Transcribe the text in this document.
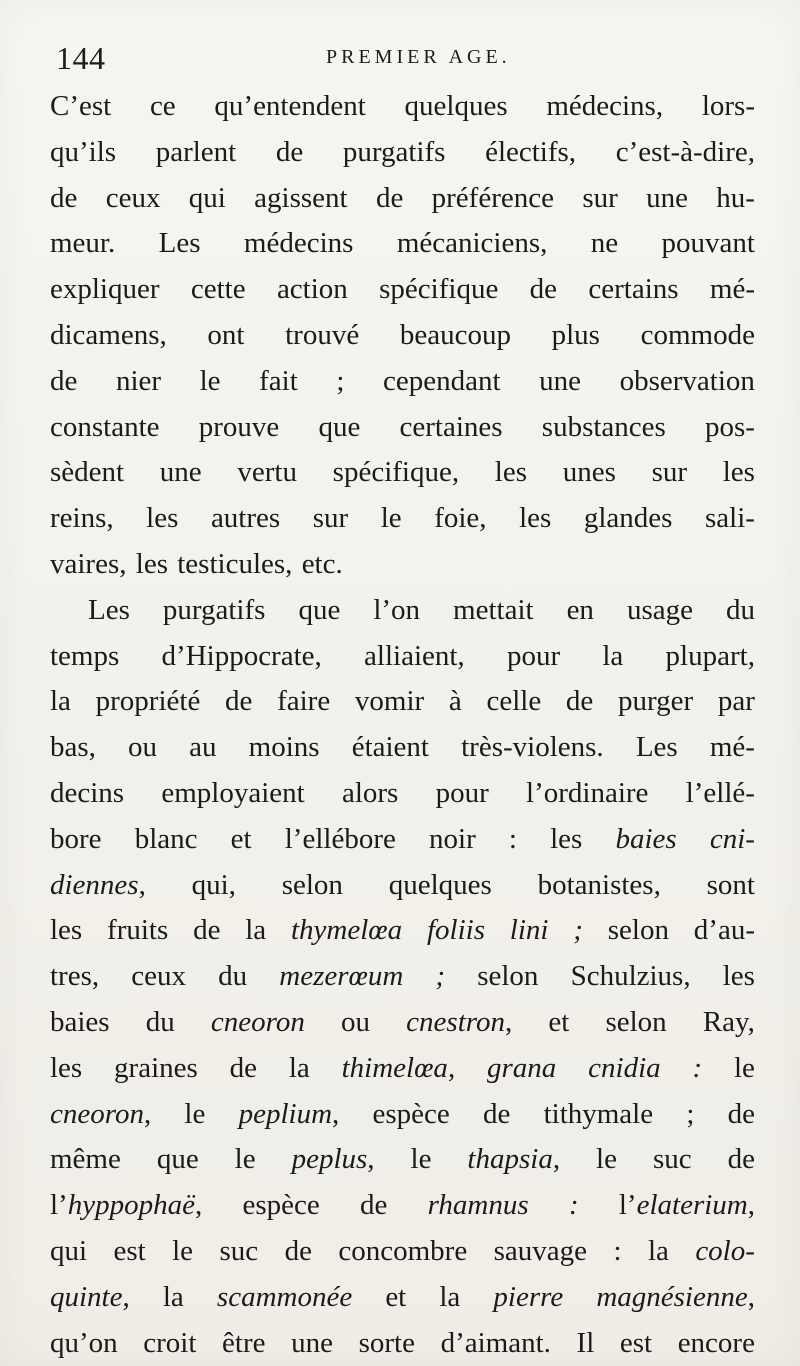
144	PREMIER AGE.
C’est ce qu’entendent quelques médecins, lors-
qu’ils parlent de purgatifs électifs, c’est-à-dire,
de ceux qui agissent de préférence sur une hu-
meur. Les médecins mécaniciens, ne pouvant
expliquer cette action spécifique de certains mé-
dicamens, ont trouvé beaucoup plus commode
de nier le fait ; cependant une observation
constante prouve que certaines substances pos-
sèdent une vertu spécifique, les unes sur les
reins, les autres sur le foie, les glandes sali-
vaires, les testicules, etc.
Les purgatifs que l’on mettait en usage du
temps d’Hippocrate, alliaient, pour la plupart,
la propriété de faire vomir à celle de purger par
bas, ou au moins étaient très-violens. Les mé-
decins employaient alors pour l’ordinaire l’ellé-
bore blanc et l’ellébore noir : les baies cni-
diennes, qui, selon quelques botanistes, sont
les fruits de la thymelœa foliis lini ; selon d’au-
tres, ceux du mezerœum ; selon Schulzius, les
baies du cneoron ou cnestron, et selon Ray,
les graines de la thimelœa, grana cnidia : le
cneoron, le peplium, espèce de tithymale ; de
même que le peplus, le thapsia, le suc de
l’hyppophaë, espèce de rhamnus : l’elaterium,
qui est le suc de concombre sauvage : la colo-
quinte, la scammonée et la pierre magnésienne,
qu’on croit être une sorte d’aimant. Il est encore
